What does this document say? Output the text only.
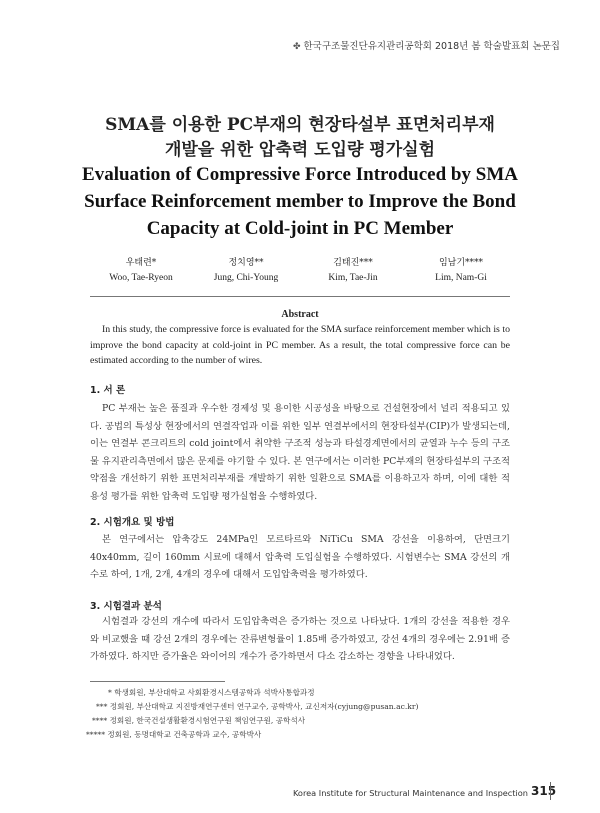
✤ 한국구조물진단유지관리공학회 2018년 봄 학술발표회 논문집
SMA를 이용한 PC부재의 현장타설부 표면처리부재
개발을 위한 압축력 도입량 평가실험
Evaluation of Compressive Force Introduced by SMA
Surface Reinforcement member to Improve the Bond
Capacity at Cold-joint in PC Member
우태련*
Woo, Tae-Ryeon
정치영**
Jung, Chi-Young
김태진***
Kim, Tae-Jin
임남기****
Lim, Nam-Gi
Abstract
In this study, the compressive force is evaluated for the SMA surface reinforcement member which is to improve the bond capacity at cold-joint in PC member. As a result, the total compressive force can be estimated according to the number of wires.
1. 서 론
PC 부재는 높은 품질과 우수한 경제성 및 용이한 시공성을 바탕으로 건설현장에서 널리 적용되고 있다. 공법의 특성상 현장에서의 연결작업과 이를 위한 일부 연결부에서의 현장타설부(CIP)가 발생되는데, 이는 연결부 콘크리트의 cold joint에서 취약한 구조적 성능과 타설경계면에서의 균열과 누수 등의 구조물 유지관리측면에서 많은 문제를 야기할 수 있다. 본 연구에서는 이러한 PC부재의 현장타설부의 구조적 약점을 개선하기 위한 표면처리부재를 개발하기 위한 일환으로 SMA를 이용하고자 하며, 이에 대한 적용성 평가를 위한 압축력 도입량 평가실험을 수행하였다.
2. 시험개요 및 방법
본 연구에서는 압축강도 24MPa인 모르타르와 NiTiCu SMA 강선을 이용하여, 단면크기 40x40mm, 길이 160mm 시료에 대해서 압축력 도입실험을 수행하였다. 시험변수는 SMA 강선의 개수로 하여, 1개, 2개, 4개의 경우에 대해서 도입압축력을 평가하였다.
3. 시험결과 분석
시험결과 강선의 개수에 따라서 도입압축력은 증가하는 것으로 나타났다. 1개의 강선을 적용한 경우와 비교했을 때 강선 2개의 경우에는 잔류변형률이 1.85배 증가하였고, 강선 4개의 경우에는 2.91배 증가하였다. 하지만 증가율은 와이어의 개수가 증가하면서 다소 감소하는 경향을 나타내었다.
* 학생회원, 부산대학교 사회환경시스템공학과 석박사통합과정
*** 정회원, 부산대학교 지진방재연구센터 연구교수, 공학박사, 교신저자(cyjung@pusan.ac.kr)
**** 정회원, 한국건설생활환경시험연구원 책임연구원, 공학석사
***** 정회원, 동명대학교 건축공학과 교수, 공학박사
Korea Institute for Structural Maintenance and Inspection 315
